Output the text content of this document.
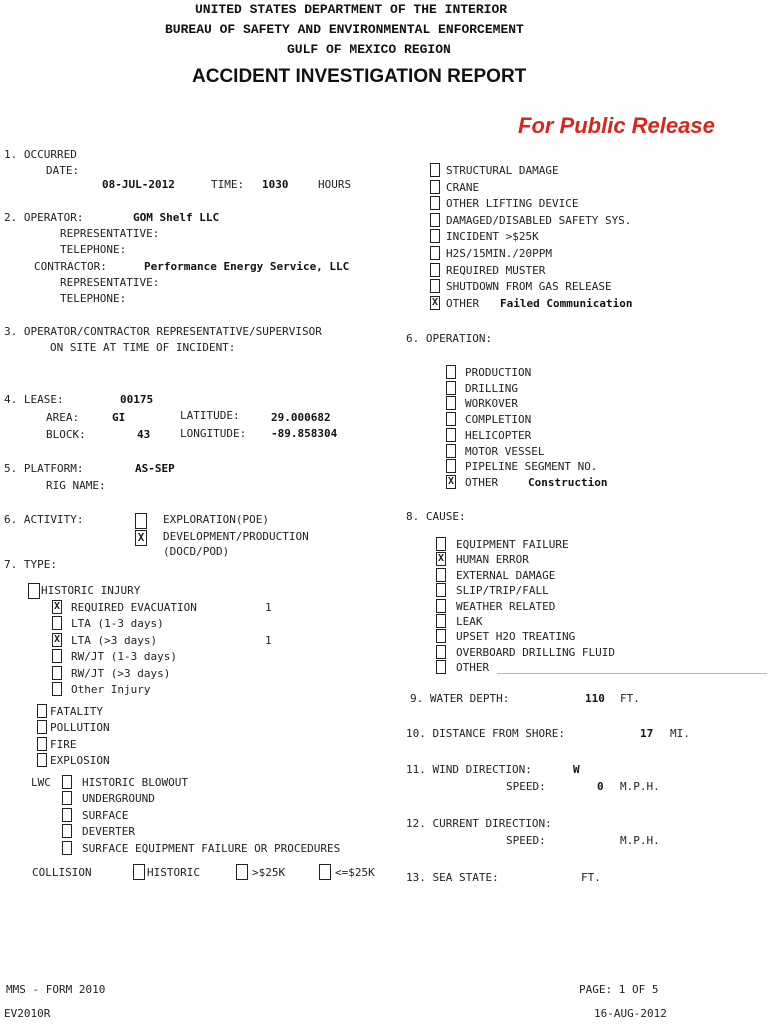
UNITED STATES DEPARTMENT OF THE INTERIOR
BUREAU OF SAFETY AND ENVIRONMENTAL ENFORCEMENT
GULF OF MEXICO REGION
ACCIDENT INVESTIGATION REPORT
For Public Release
1. OCCURRED
DATE:
08-JUL-2012	TIME: 1030	HOURS
2. OPERATOR:	GOM Shelf LLC
REPRESENTATIVE:
TELEPHONE:
CONTRACTOR:	Performance Energy Service, LLC
REPRESENTATIVE:
TELEPHONE:
3. OPERATOR/CONTRACTOR REPRESENTATIVE/SUPERVISOR
ON SITE AT TIME OF INCIDENT:
4. LEASE:	00175
AREA:	GI	LATITUDE:	29.000682
BLOCK:	43	LONGITUDE: -89.858304
5. PLATFORM:	AS-SEP
RIG NAME:
6. ACTIVITY:	EXPLORATION(POE)
X DEVELOPMENT/PRODUCTION
(DOCD/POD)
7. TYPE:
HISTORIC INJURY
X REQUIRED EVACUATION	1
LTA (1-3 days)
X LTA (>3 days)	1
RW/JT (1-3 days)
RW/JT (>3 days)
Other Injury
FATALITY
POLLUTION
FIRE
EXPLOSION
LWC	HISTORIC BLOWOUT
UNDERGROUND
SURFACE
DEVERTER
SURFACE EQUIPMENT FAILURE OR PROCEDURES
COLLISION	HISTORIC	>$25K	<=$25K
STRUCTURAL DAMAGE
CRANE
OTHER LIFTING DEVICE
DAMAGED/DISABLED SAFETY SYS.
INCIDENT >$25K
H2S/15MIN./20PPM
REQUIRED MUSTER
SHUTDOWN FROM GAS RELEASE
X OTHER Failed Communication
6. OPERATION:
PRODUCTION
DRILLING
WORKOVER
COMPLETION
HELICOPTER
MOTOR VESSEL
PIPELINE SEGMENT NO.
X OTHER	Construction
8. CAUSE:
EQUIPMENT FAILURE
X HUMAN ERROR
EXTERNAL DAMAGE
SLIP/TRIP/FALL
WEATHER RELATED
LEAK
UPSET H2O TREATING
OVERBOARD DRILLING FLUID
OTHER
9. WATER DEPTH:	110 FT.
10. DISTANCE FROM SHORE:	17 MI.
11. WIND DIRECTION:	W
SPEED:	0 M.P.H.
12. CURRENT DIRECTION:
SPEED:	M.P.H.
13. SEA STATE:	FT.
MMS - FORM 2010
EV2010R
PAGE: 1 OF 5
16-AUG-2012
